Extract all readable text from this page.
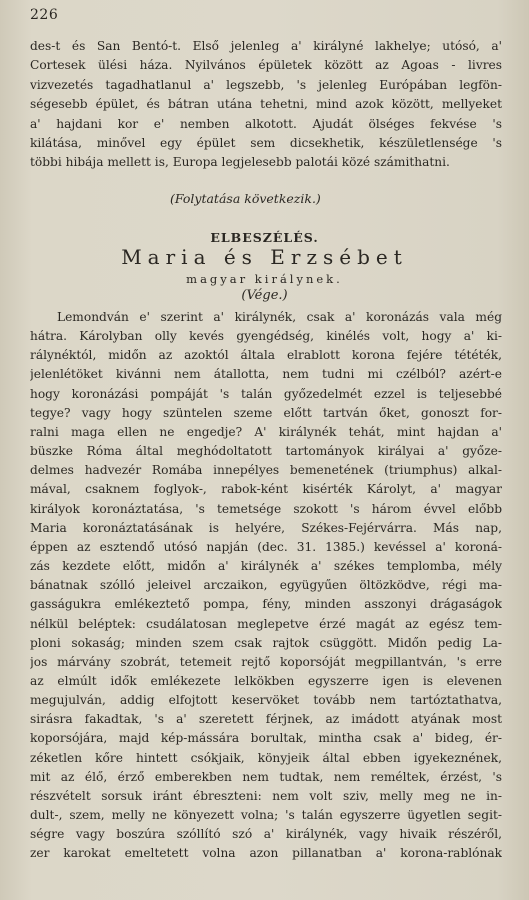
226
des-t és San Bentó-t. Első jelenleg a' királyné lakhelye; utósó, a'
Cortesek ülési háza. Nyilvános épületek között az Agoas - livres
vizvezetés tagadhatlanul a' legszebb, 's jelenleg Európában legfön-
ségesebb épület, és bátran utána tehetni, mind azok között, mellyeket
a' hajdani kor e' nemben alkotott. Ajudát ölséges fekvése 's
kilátása, minővel egy épület sem dicsekhetik, készületlensége 's
többi hibája mellett is, Europa legjelesebb palotái közé számithatni.
(Folytatása következik.)
ELBESZÉLÉS.
Maria és Erzsébet
magyar királynek.
(Vége.)
Lemondván e' szerint a' királynék, csak a' koronázás vala még
hátra. Károlyban olly kevés gyengédség, kinélés volt, hogy a' ki-
rálynéktól, midőn az azoktól általa elrablott korona fejére tététék,
jelenlétöket kivánni nem átallotta, nem tudni mi czélból? azért-e
hogy koronázási pompáját 's talán győzedelmét ezzel is teljesebbé
tegye? vagy hogy szüntelen szeme előtt tartván őket, gonoszt for-
ralni maga ellen ne engedje? A' királynék tehát, mint hajdan a'
büszke Róma által meghódoltatott tartományok királyai a' győze-
delmes hadvezér Romába innepélyes bemenetének (triumphus) alkal-
mával, csaknem foglyok-, rabok-ként kisérték Károlyt, a' magyar
királyok koronáztatása, 's temetsége szokott 's három évvel előbb
Maria koronáztatásának is helyére, Székes-Fejérvárra. Más nap,
éppen az esztendő utósó napján (dec. 31. 1385.) kevéssel a' koroná-
zás kezdete előtt, midőn a' királynék a' székes templomba, mély
bánatnak szólló jeleivel arczaikon, együgyűen öltözködve, régi ma-
gasságukra emlékeztető pompa, fény, minden asszonyi drágaságok
nélkül beléptek: csudálatosan meglepetve érzé magát az egész tem-
ploni sokaság; minden szem csak rajtok csüggött. Midőn pedig La-
jos márvány szobrát, tetemeit rejtő koporsóját megpillantván, 's erre
az elmúlt idők emlékezete lelkökben egyszerre igen is elevenen
megujulván, addig elfojtott keservöket tovább nem tartóztathatva,
sirásra fakadtak, 's a' szeretett férjnek, az imádott atyának most
koporsójára, majd kép-mássára borultak, mintha csak a' bideg, ér-
zéketlen kőre hintett csókjaik, könyjeik által ebben igyekeznének,
mit az élő, érző emberekben nem tudtak, nem reméltek, érzést, 's
részvételt sorsuk iránt ébreszteni: nem volt sziv, melly meg ne in-
dult-, szem, melly ne könyezett volna; 's talán egyszerre ügyetlen segit-
ségre vagy boszúra szóllító szó a' királynék, vagy hivaik részéről,
zer karokat emeltetett volna azon pillanatban a' korona-rablónak
